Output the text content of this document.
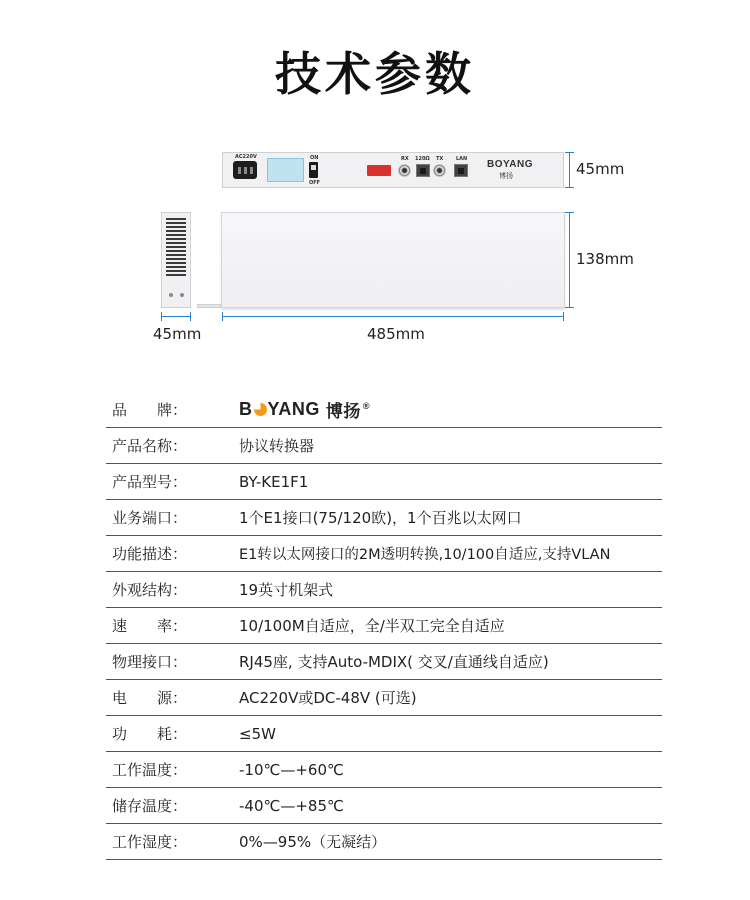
技术参数
AC220V	ON
OFF
RX 120Ω TX	LAN BOYANG
博扬	45mm
138mm
45mm	485mm
品　　牌：	B YANG 博扬 ®
产品名称：	协议转换器
产品型号：	BY-KE1F1
业务端口：	1个E1接口(75/120欧)，1个百兆以太网口
功能描述：	E1转以太网接口的2M透明转换,10/100自适应,支持VLAN
外观结构：	19英寸机架式
速　　率：	10/100M自适应，全/半双工完全自适应
物理接口：	RJ45座, 支持Auto-MDIX( 交叉/直通线自适应)
电　　源：	AC220V或DC-48V (可选)
功　　耗：	≤5W
工作温度：	-10℃—+60℃
储存温度：	-40℃—+85℃
工作湿度：	0%—95%（无凝结）
